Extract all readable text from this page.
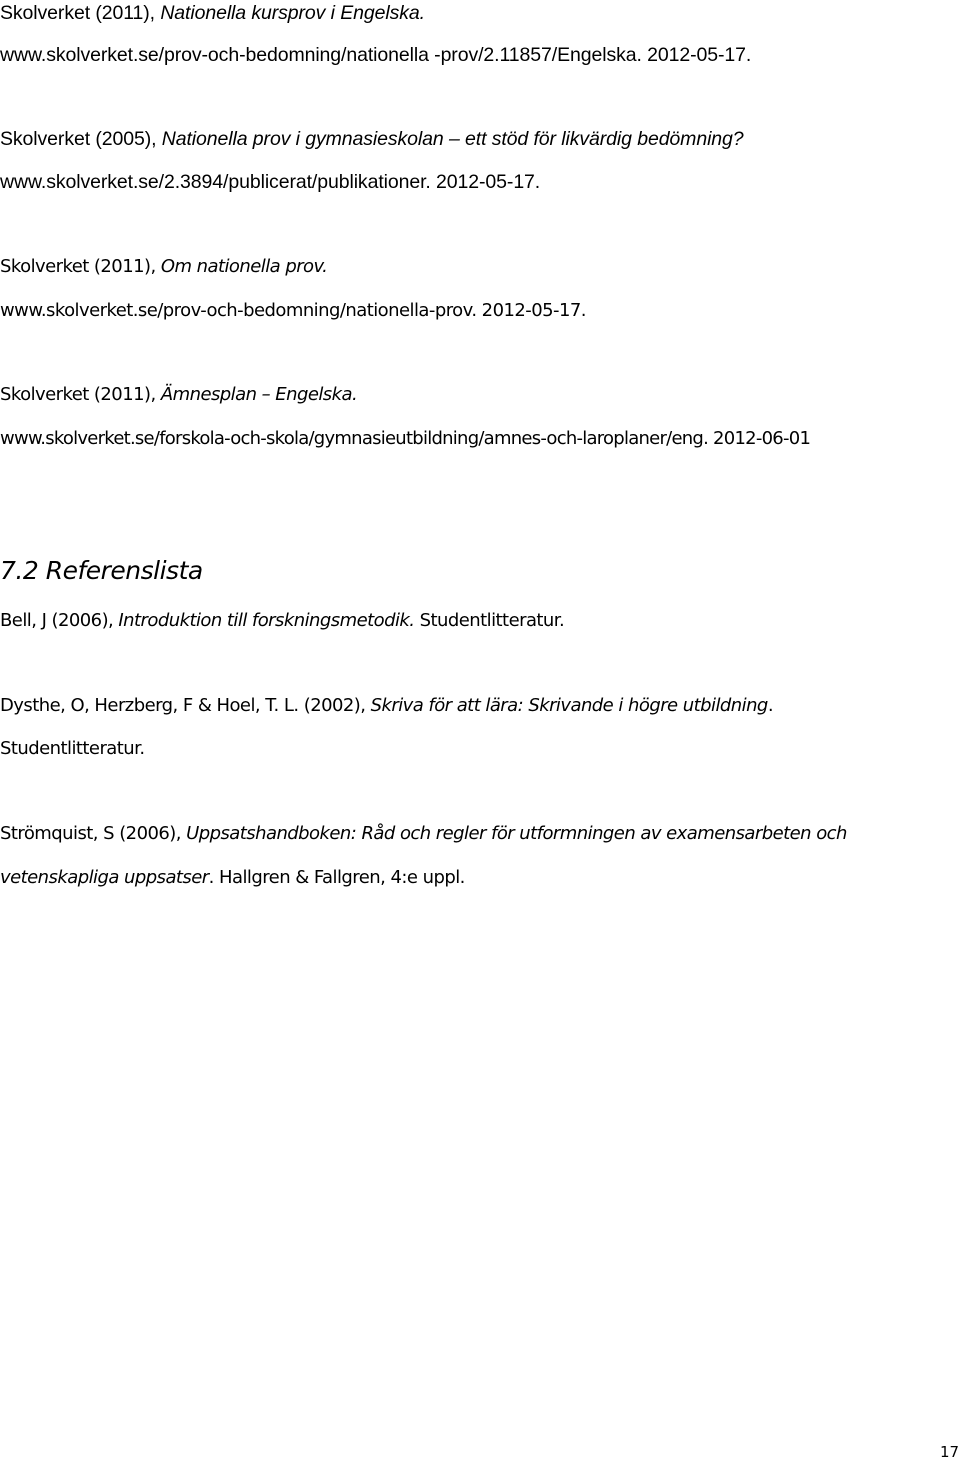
Skolverket (2011), Nationella kursprov i Engelska.
www.skolverket.se/prov-och-bedomning/nationella -prov/2.11857/Engelska. 2012-05-17.
Skolverket (2005), Nationella prov i gymnasieskolan – ett stöd för likvärdig bedömning?
www.skolverket.se/2.3894/publicerat/publikationer. 2012-05-17.
Skolverket (2011), Om nationella prov.
www.skolverket.se/prov-och-bedomning/nationella-prov. 2012-05-17.
Skolverket (2011), Ämnesplan – Engelska.
www.skolverket.se/forskola-och-skola/gymnasieutbildning/amnes-och-laroplaner/eng. 2012-06-01
7.2 Referenslista
Bell, J (2006), Introduktion till forskningsmetodik. Studentlitteratur.
Dysthe, O, Herzberg, F & Hoel, T. L. (2002), Skriva för att lära: Skrivande i högre utbildning.
Studentlitteratur.
Strömquist, S (2006), Uppsatshandboken: Råd och regler för utformningen av examensarbeten och
vetenskapliga uppsatser. Hallgren & Fallgren, 4:e uppl.
17
